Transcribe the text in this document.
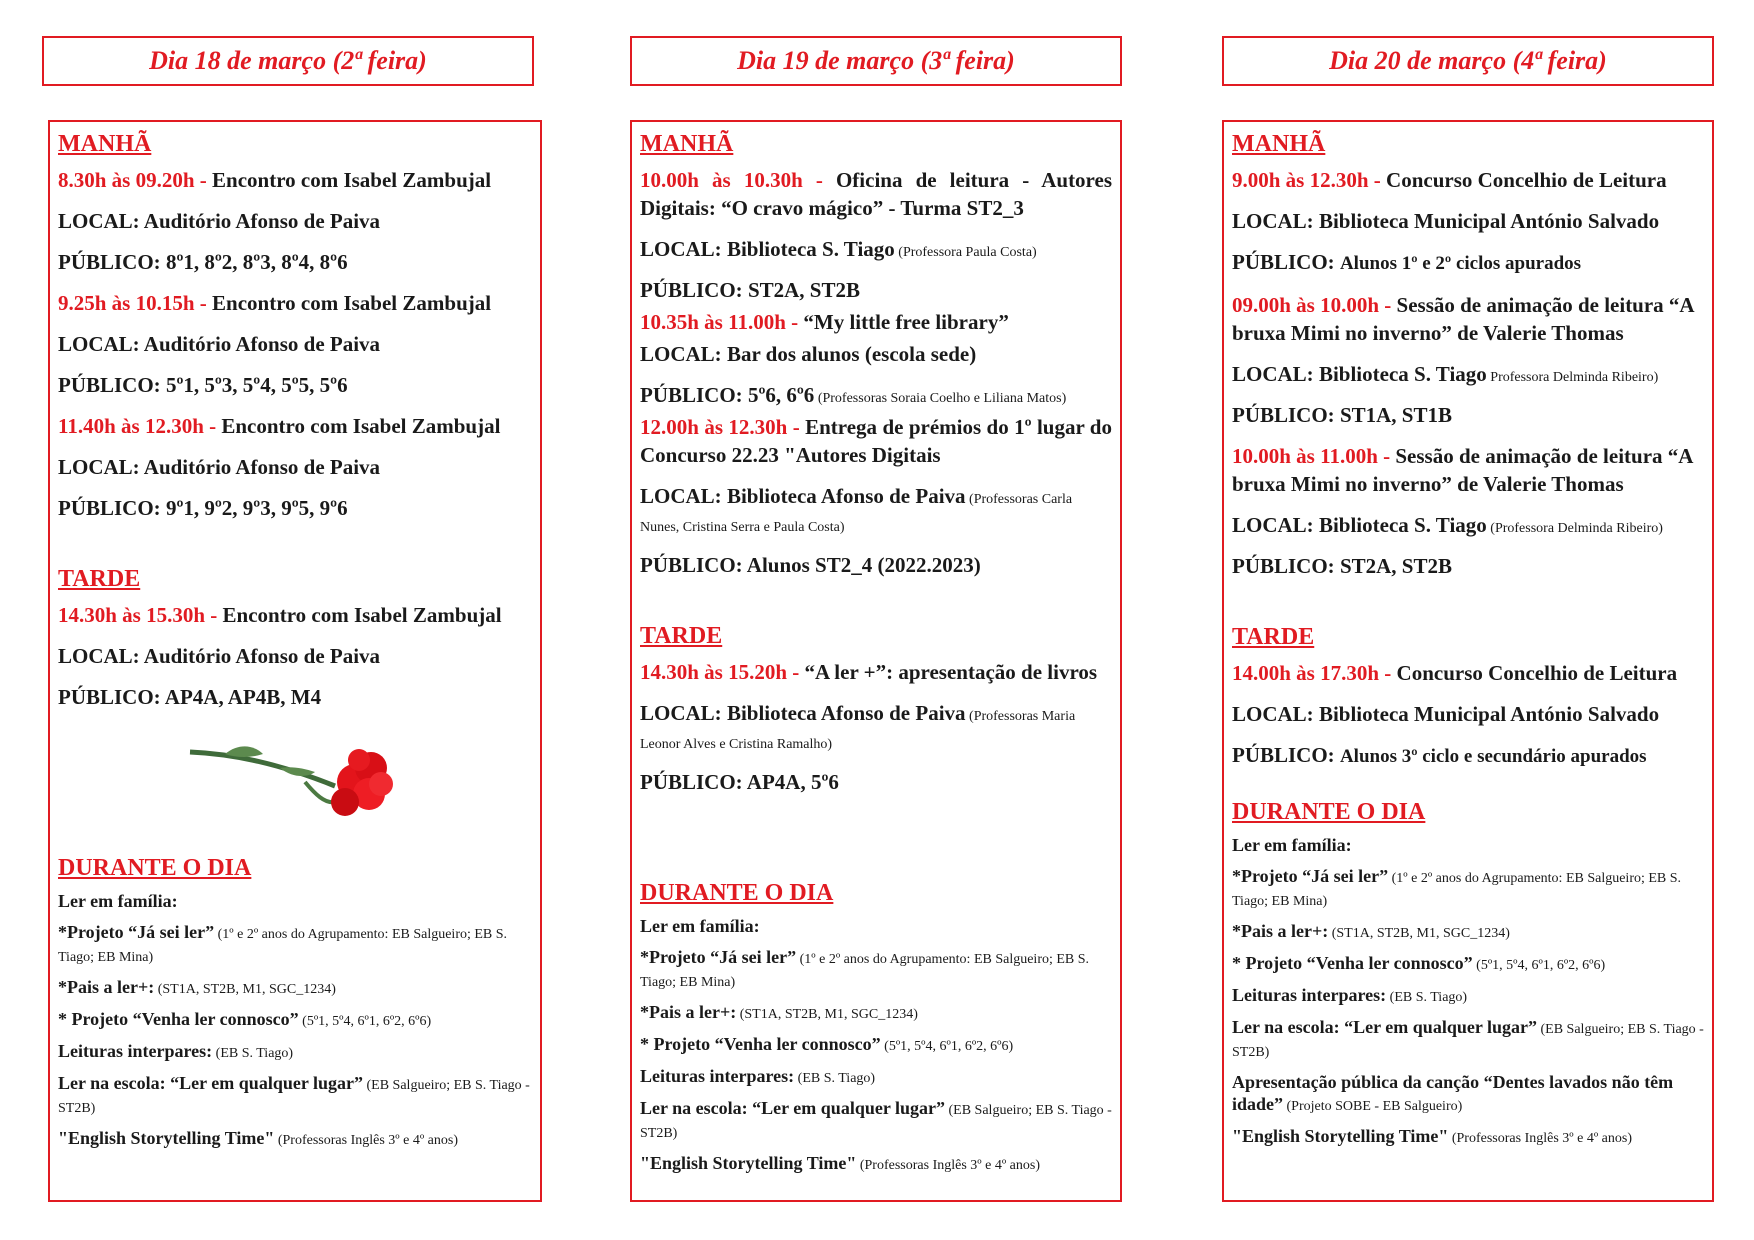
Dia 18 de março (2ª feira)
MANHÃ
8.30h às 09.20h - Encontro com Isabel Zambujal
LOCAL: Auditório Afonso de Paiva
PÚBLICO: 8º1, 8º2, 8º3, 8º4, 8º6
9.25h às 10.15h - Encontro com Isabel Zambujal
LOCAL: Auditório Afonso de Paiva
PÚBLICO: 5º1, 5º3, 5º4, 5º5, 5º6
11.40h às 12.30h - Encontro com Isabel Zambujal
LOCAL: Auditório Afonso de Paiva
PÚBLICO: 9º1, 9º2, 9º3, 9º5, 9º6
TARDE
14.30h às 15.30h - Encontro com Isabel Zambujal
LOCAL: Auditório Afonso de Paiva
PÚBLICO: AP4A, AP4B, M4
DURANTE O DIA
Ler em família:
*Projeto “Já sei ler” (1º e 2º anos do Agrupamento: EB Salgueiro; EB S. Tiago; EB Mina)
*Pais a ler+: (ST1A, ST2B, M1, SGC_1234)
* Projeto “Venha ler connosco” (5º1, 5º4, 6º1, 6º2, 6º6)
Leituras interpares: (EB S. Tiago)
Ler na escola: “Ler em qualquer lugar” (EB Salgueiro; EB S. Tiago - ST2B)
"English Storytelling Time" (Professoras Inglês 3º e 4º anos)
Dia 19 de março (3ª feira)
MANHÃ
10.00h às 10.30h - Oficina de leitura - Autores Digitais: “O cravo mágico” - Turma ST2_3
LOCAL: Biblioteca S. Tiago (Professora Paula Costa)
PÚBLICO: ST2A, ST2B
10.35h às 11.00h - “My little free library”
LOCAL: Bar dos alunos (escola sede)
PÚBLICO: 5º6, 6º6 (Professoras Soraia Coelho e Liliana Matos)
12.00h às 12.30h - Entrega de prémios do 1º lugar do Concurso 22.23 "Autores Digitais
LOCAL: Biblioteca Afonso de Paiva (Professoras Carla Nunes, Cristina Serra e Paula Costa)
PÚBLICO: Alunos ST2_4 (2022.2023)
TARDE
14.30h às 15.20h - “A ler +”: apresentação de livros
LOCAL: Biblioteca Afonso de Paiva (Professoras Maria Leonor Alves e Cristina Ramalho)
PÚBLICO: AP4A, 5º6
DURANTE O DIA
Ler em família:
*Projeto “Já sei ler” (1º e 2º anos do Agrupamento: EB Salgueiro; EB S. Tiago; EB Mina)
*Pais a ler+: (ST1A, ST2B, M1, SGC_1234)
* Projeto “Venha ler connosco” (5º1, 5º4, 6º1, 6º2, 6º6)
Leituras interpares: (EB S. Tiago)
Ler na escola: “Ler em qualquer lugar” (EB Salgueiro; EB S. Tiago - ST2B)
"English Storytelling Time" (Professoras Inglês 3º e 4º anos)
Dia 20 de março (4ª feira)
MANHÃ
9.00h às 12.30h - Concurso Concelhio de Leitura
LOCAL: Biblioteca Municipal António Salvado
PÚBLICO: Alunos 1º e 2º ciclos apurados
09.00h às 10.00h - Sessão de animação de leitura “A bruxa Mimi no inverno” de Valerie Thomas
LOCAL: Biblioteca S. Tiago Professora Delminda Ribeiro)
PÚBLICO: ST1A, ST1B
10.00h às 11.00h - Sessão de animação de leitura “A bruxa Mimi no inverno” de Valerie Thomas
LOCAL: Biblioteca S. Tiago (Professora Delminda Ribeiro)
PÚBLICO: ST2A, ST2B
TARDE
14.00h às 17.30h - Concurso Concelhio de Leitura
LOCAL: Biblioteca Municipal António Salvado
PÚBLICO: Alunos 3º ciclo e secundário apurados
DURANTE O DIA
Ler em família:
*Projeto “Já sei ler” (1º e 2º anos do Agrupamento: EB Salgueiro; EB S. Tiago; EB Mina)
*Pais a ler+: (ST1A, ST2B, M1, SGC_1234)
* Projeto “Venha ler connosco” (5º1, 5º4, 6º1, 6º2, 6º6)
Leituras interpares: (EB S. Tiago)
Ler na escola: “Ler em qualquer lugar” (EB Salgueiro; EB S. Tiago - ST2B)
Apresentação pública da canção “Dentes lavados não têm idade” (Projeto SOBE - EB Salgueiro)
"English Storytelling Time" (Professoras Inglês 3º e 4º anos)
